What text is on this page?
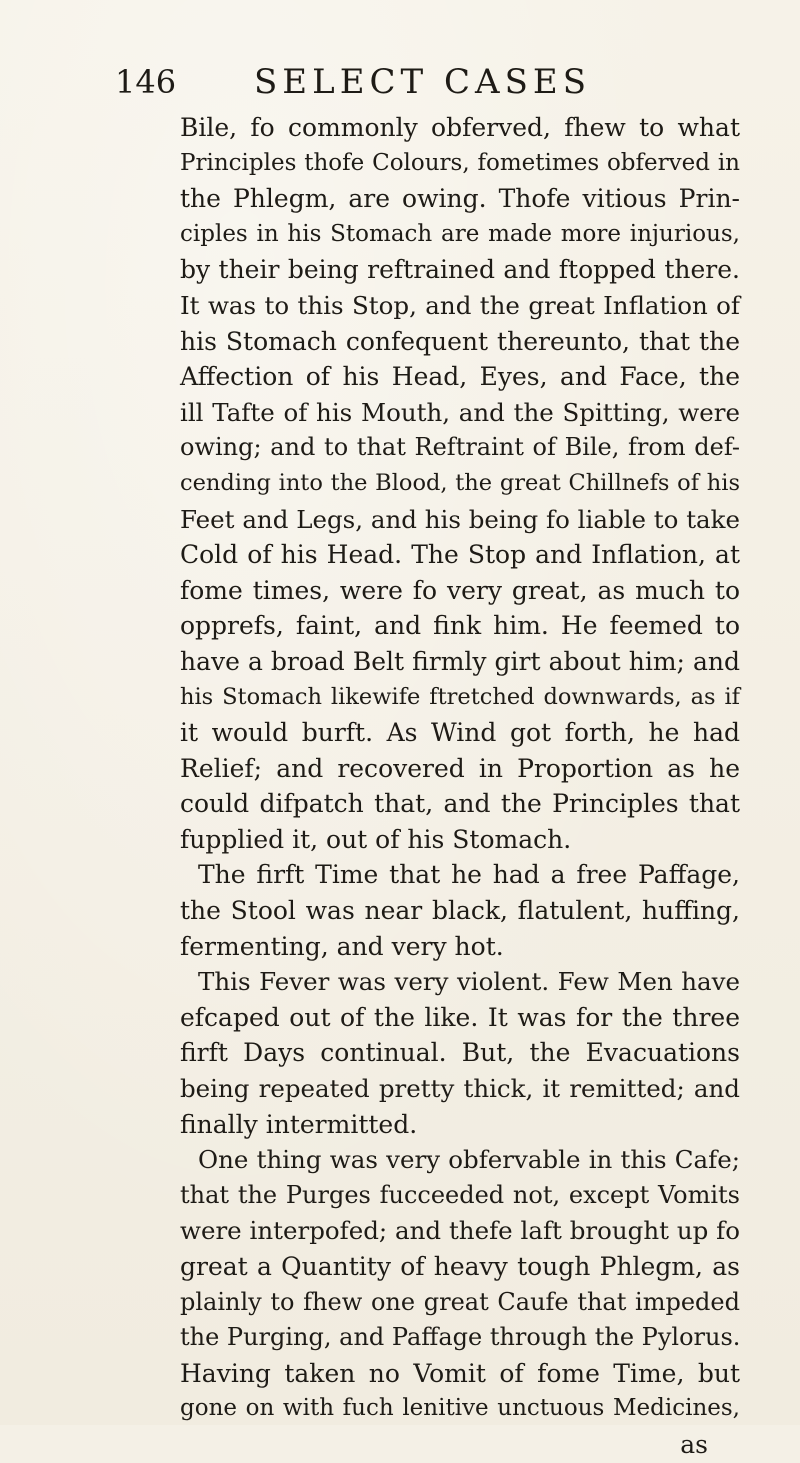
146 SELECT CASES
Bile, fo commonly obferved, fhew to what
Principles thofe Colours, fometimes obferved in
the Phlegm, are owing. Thofe vitious Prin-
ciples in his Stomach are made more injurious,
by their being reftrained and ftopped there.
It was to this Stop, and the great Inflation of
his Stomach confequent thereunto, that the
Affection of his Head, Eyes, and Face, the
ill Tafte of his Mouth, and the Spitting, were
owing; and to that Reftraint of Bile, from def-
cending into the Blood, the great Chillnefs of his
Feet and Legs, and his being fo liable to take
Cold of his Head. The Stop and Inflation, at
fome times, were fo very great, as much to
opprefs, faint, and fink him. He feemed to
have a broad Belt firmly girt about him; and
his Stomach likewife ftretched downwards, as if
it would burft. As Wind got forth, he had
Relief; and recovered in Proportion as he
could difpatch that, and the Principles that
fupplied it, out of his Stomach.
The firft Time that he had a free Paffage,
the Stool was near black, flatulent, huffing,
fermenting, and very hot.
This Fever was very violent. Few Men have
efcaped out of the like. It was for the three
firft Days continual. But, the Evacuations
being repeated pretty thick, it remitted; and
finally intermitted.
One thing was very obfervable in this Cafe;
that the Purges fucceeded not, except Vomits
were interpofed; and thefe laft brought up fo
great a Quantity of heavy tough Phlegm, as
plainly to fhew one great Caufe that impeded
the Purging, and Paffage through the Pylorus.
Having taken no Vomit of fome Time, but
gone on with fuch lenitive unctuous Medicines,
as
